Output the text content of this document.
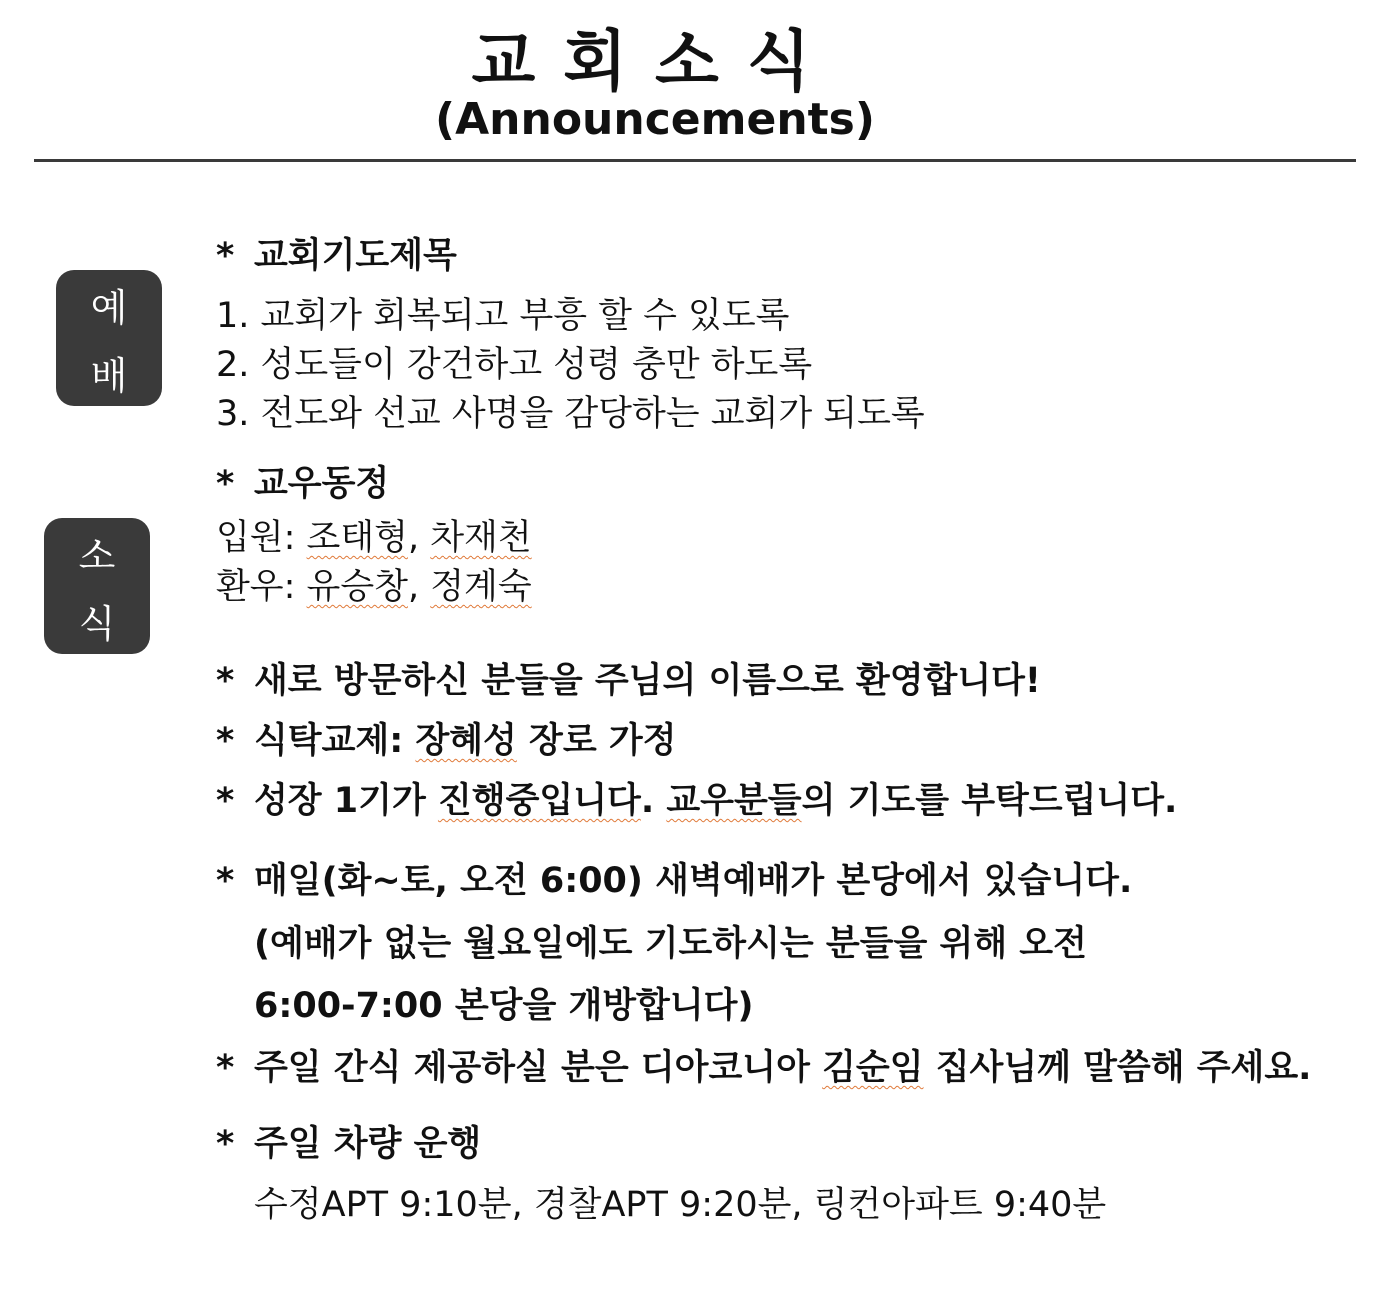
교회소식
(Announcements)
예
배
소
식
* 교회기도제목
1. 교회가 회복되고 부흥 할 수 있도록
2. 성도들이 강건하고 성령 충만 하도록
3. 전도와 선교 사명을 감당하는 교회가 되도록
* 교우동정
입원: 조태형, 차재천
환우: 유승창, 정계숙
* 새로 방문하신 분들을 주님의 이름으로 환영합니다!
* 식탁교제: 장혜성 장로 가정
* 성장 1기가 진행중입니다. 교우분들의 기도를 부탁드립니다.
* 매일(화~토, 오전 6:00) 새벽예배가 본당에서 있습니다.
(예배가 없는 월요일에도 기도하시는 분들을 위해 오전
6:00-7:00 본당을 개방합니다)
* 주일 간식 제공하실 분은 디아코니아 김순임 집사님께 말씀해 주세요.
* 주일 차량 운행
수정APT 9:10분, 경찰APT 9:20분, 링컨아파트 9:40분
